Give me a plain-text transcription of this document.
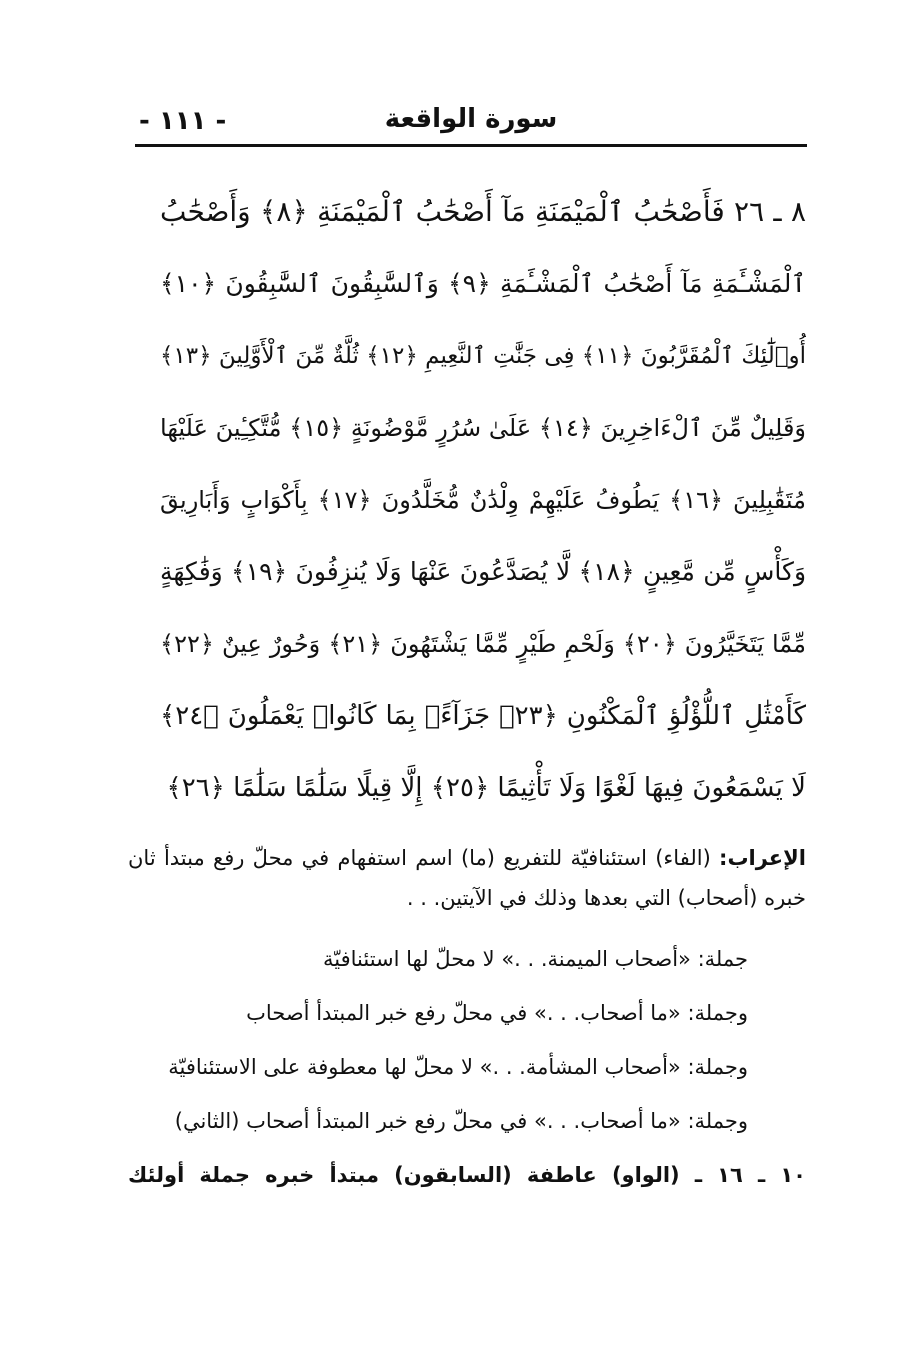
سورة الواقعة
- ١١١ -
٨ ـ ٢٦ فَأَصْحَٰبُ ٱلْمَيْمَنَةِ مَآ أَصْحَٰبُ ٱلْمَيْمَنَةِ ﴿٨﴾ وَأَصْحَٰبُ
ٱلْمَشْـَٔمَةِ مَآ أَصْحَٰبُ ٱلْمَشْـَٔمَةِ ﴿٩﴾ وَٱلسَّٰبِقُونَ ٱلسَّٰبِقُونَ ﴿١٠﴾
أُو۟لَٰٓئِكَ ٱلْمُقَرَّبُونَ ﴿١١﴾ فِى جَنَّٰتِ ٱلنَّعِيمِ ﴿١٢﴾ ثُلَّةٌ مِّنَ ٱلْأَوَّلِينَ ﴿١٣﴾
وَقَلِيلٌ مِّنَ ٱلْءَاخِرِينَ ﴿١٤﴾ عَلَىٰ سُرُرٍ مَّوْضُونَةٍ ﴿١٥﴾ مُّتَّكِـِٔينَ عَلَيْهَا
مُتَقَٰبِلِينَ ﴿١٦﴾ يَطُوفُ عَلَيْهِمْ وِلْدَٰنٌ مُّخَلَّدُونَ ﴿١٧﴾ بِأَكْوَابٍ وَأَبَارِيقَ
وَكَأْسٍ مِّن مَّعِينٍ ﴿١٨﴾ لَّا يُصَدَّعُونَ عَنْهَا وَلَا يُنزِفُونَ ﴿١٩﴾ وَفَٰكِهَةٍ
مِّمَّا يَتَخَيَّرُونَ ﴿٢٠﴾ وَلَحْمِ طَيْرٍ مِّمَّا يَشْتَهُونَ ﴿٢١﴾ وَحُورٌ عِينٌ ﴿٢٢﴾
كَأَمْثَٰلِ ٱللُّؤْلُؤِ ٱلْمَكْنُونِ ﴿٢٣﴾ جَزَآءًۢ بِمَا كَانُوا۟ يَعْمَلُونَ ﴿٢٤﴾
لَا يَسْمَعُونَ فِيهَا لَغْوًا وَلَا تَأْثِيمًا ﴿٢٥﴾ إِلَّا قِيلًا سَلَٰمًا سَلَٰمًا ﴿٢٦﴾

الإعراب: (الفاء) استئنافيّة للتفريع (ما) اسم استفهام في محلّ رفع مبتدأ ثان خبره (أصحاب) التي بعدها وذلك في الآيتين. . .

جملة: «أصحاب الميمنة. . .» لا محلّ لها استئنافيّة

وجملة: «ما أصحاب. . .» في محلّ رفع خبر المبتدأ أصحاب

وجملة: «أصحاب المشأمة. . .» لا محلّ لها معطوفة على الاستئنافيّة

وجملة: «ما أصحاب. . .» في محلّ رفع خبر المبتدأ أصحاب (الثاني)

١٠ ـ ١٦ ـ (الواو) عاطفة (السابقون) مبتدأ خبره جملة أولئك
